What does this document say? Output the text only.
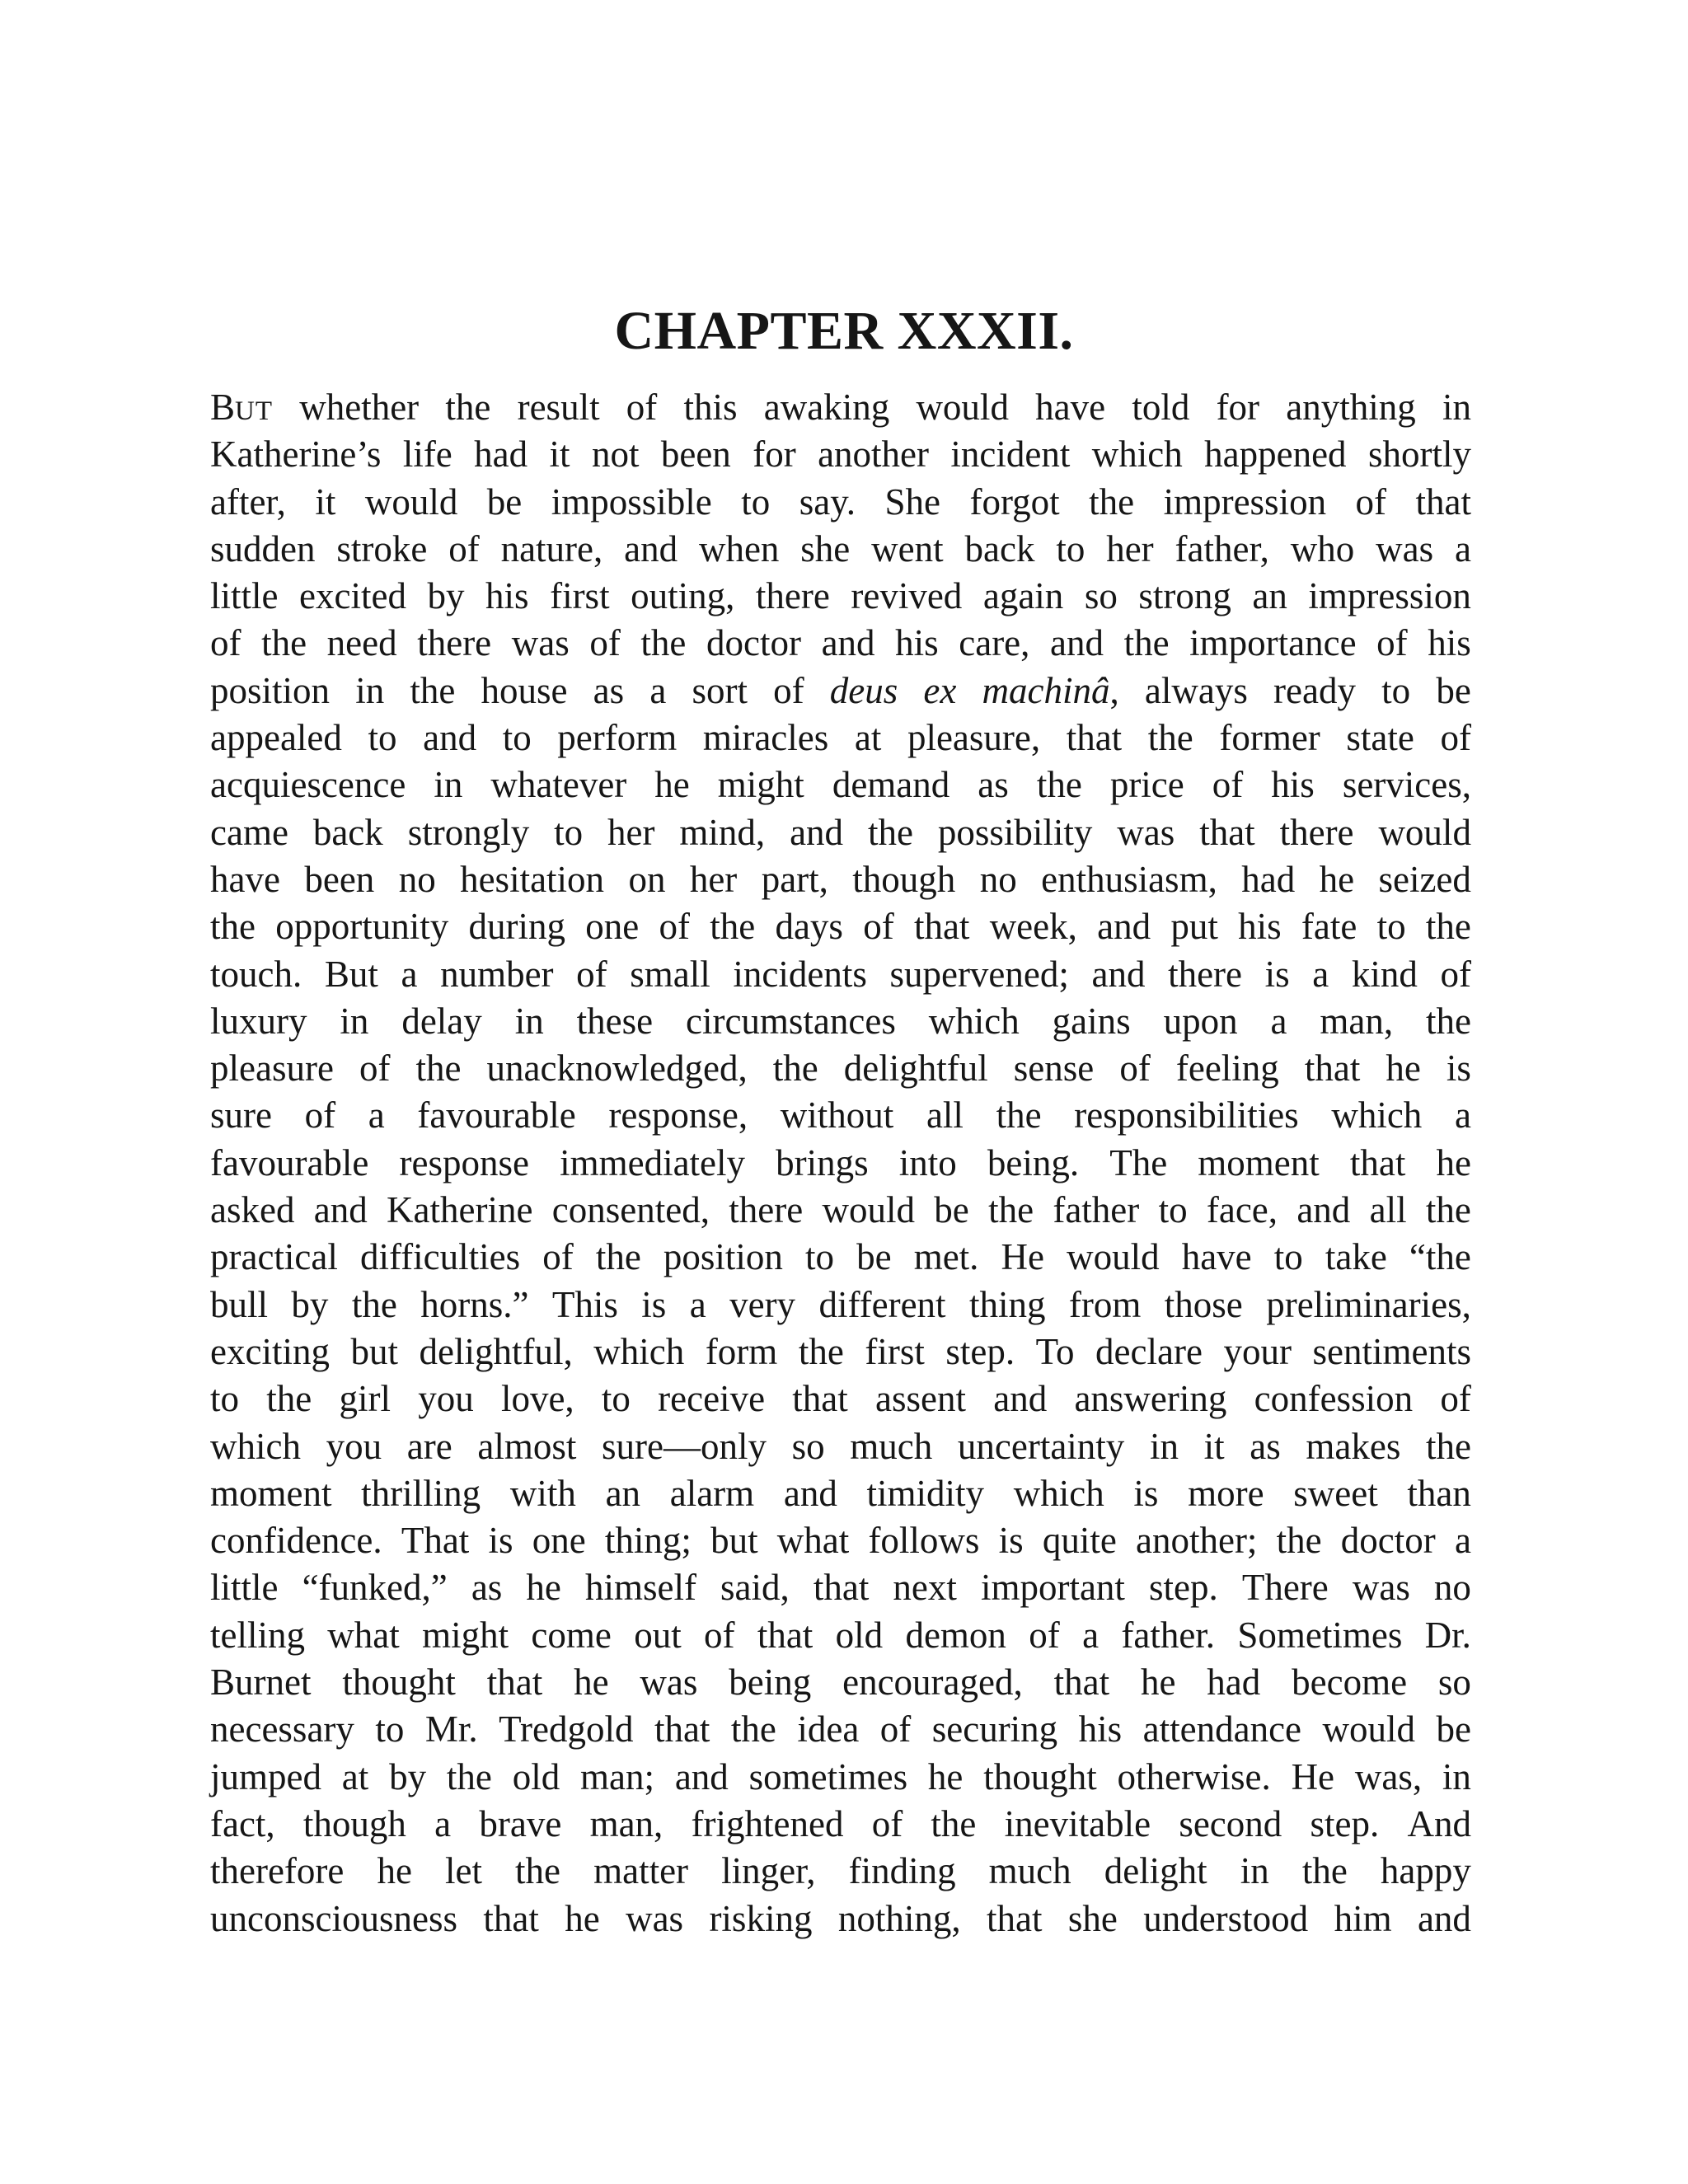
CHAPTER XXXII.
BUT whether the result of this awaking would have told for anything in
Katherine’s life had it not been for another incident which happened shortly
after, it would be impossible to say. She forgot the impression of that
sudden stroke of nature, and when she went back to her father, who was a
little excited by his first outing, there revived again so strong an impression
of the need there was of the doctor and his care, and the importance of his
position in the house as a sort of deus ex machinâ, always ready to be
appealed to and to perform miracles at pleasure, that the former state of
acquiescence in whatever he might demand as the price of his services,
came back strongly to her mind, and the possibility was that there would
have been no hesitation on her part, though no enthusiasm, had he seized
the opportunity during one of the days of that week, and put his fate to the
touch. But a number of small incidents supervened; and there is a kind of
luxury in delay in these circumstances which gains upon a man, the
pleasure of the unacknowledged, the delightful sense of feeling that he is
sure of a favourable response, without all the responsibilities which a
favourable response immediately brings into being. The moment that he
asked and Katherine consented, there would be the father to face, and all the
practical difficulties of the position to be met. He would have to take “the
bull by the horns.” This is a very different thing from those preliminaries,
exciting but delightful, which form the first step. To declare your sentiments
to the girl you love, to receive that assent and answering confession of
which you are almost sure—only so much uncertainty in it as makes the
moment thrilling with an alarm and timidity which is more sweet than
confidence. That is one thing; but what follows is quite another; the doctor a
little “funked,” as he himself said, that next important step. There was no
telling what might come out of that old demon of a father. Sometimes Dr.
Burnet thought that he was being encouraged, that he had become so
necessary to Mr. Tredgold that the idea of securing his attendance would be
jumped at by the old man; and sometimes he thought otherwise. He was, in
fact, though a brave man, frightened of the inevitable second step. And
therefore he let the matter linger, finding much delight in the happy
unconsciousness that he was risking nothing, that she understood him and
